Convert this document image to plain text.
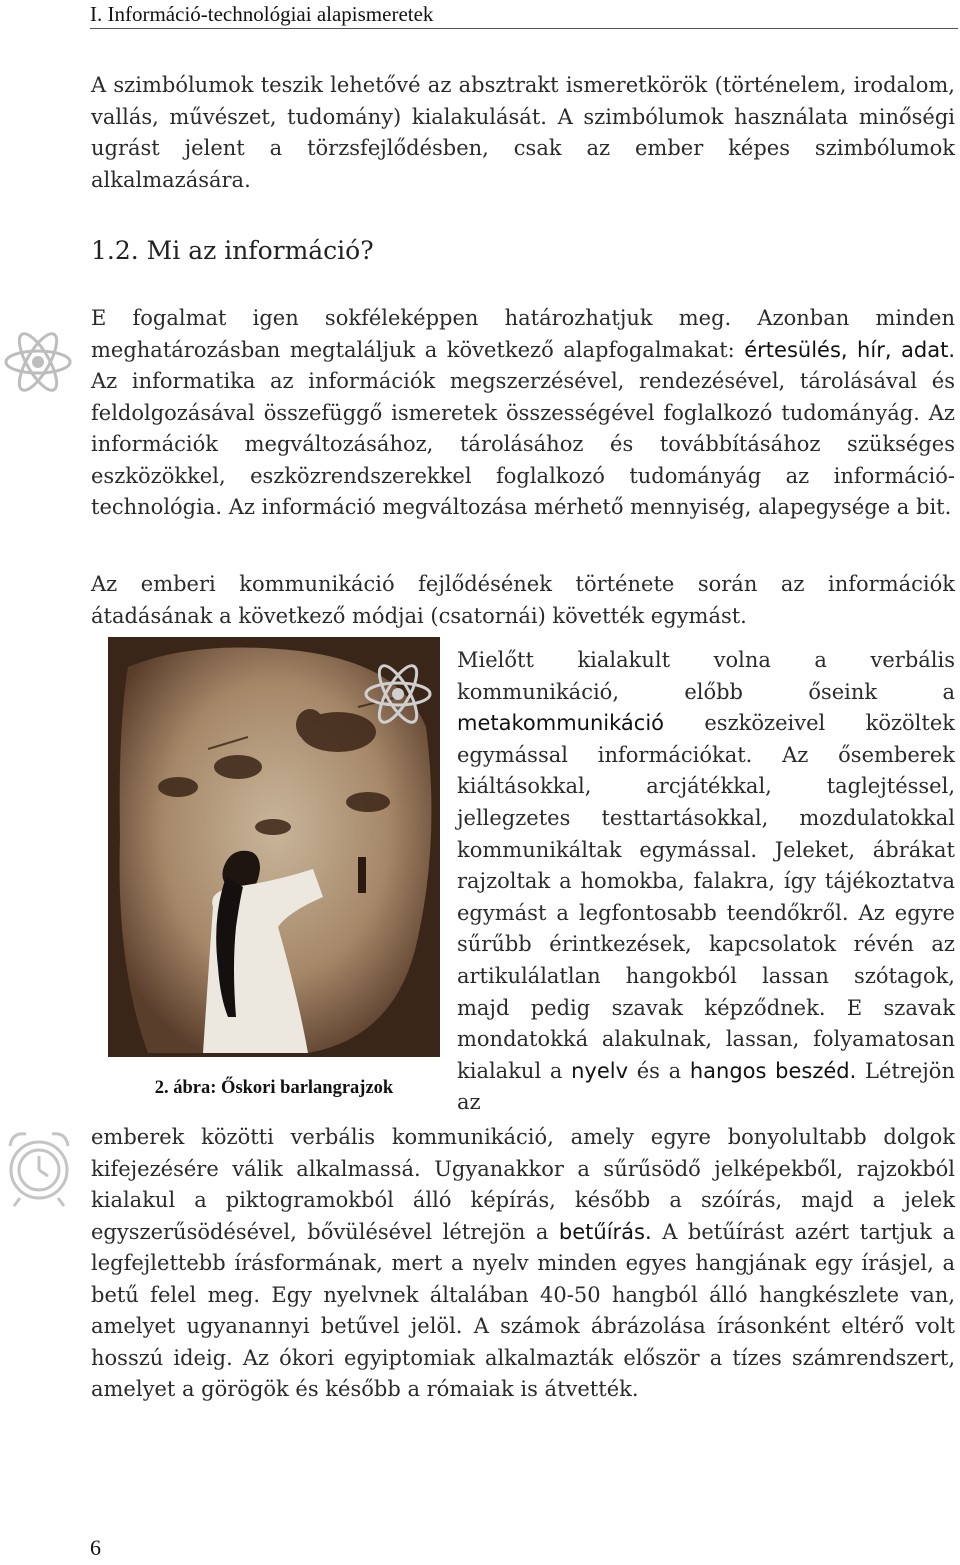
I. Információ-technológiai alapismeretek

A szimbólumok teszik lehetővé az absztrakt ismeretkörök (történelem, irodalom, vallás, művészet, tudomány) kialakulását. A szimbólumok használata minőségi ugrást jelent a törzsfejlődésben, csak az ember képes szimbólumok alkalmazására.

1.2. Mi az információ?

E fogalmat igen sokféleképpen határozhatjuk meg. Azonban minden meghatározásban megtaláljuk a következő alapfogalmakat: értesülés, hír, adat. Az informatika az információk megszerzésével, rendezésével, tárolásával és feldolgozásával összefüggő ismeretek összességével foglalkozó tudományág. Az információk megváltozásához, tárolásához és továbbításához szükséges eszközökkel, eszközrendszerekkel foglalkozó tudományág az információ-technológia. Az információ megváltozása mérhető mennyiség, alapegysége a bit.

Az emberi kommunikáció fejlődésének története során az információk átadásának a következő módjai (csatornái) követték egymást.

2. ábra: Őskori barlangrajzok

Mielőtt kialakult volna a verbális kommunikáció, előbb őseink a metakommunikáció eszközeivel közöltek egymással információkat. Az ősemberek kiáltásokkal, arcjátékkal, taglejtéssel, jellegzetes testtartásokkal, mozdulatokkal kommunikáltak egymással. Jeleket, ábrákat rajzoltak a homokba, falakra, így tájékoztatva egymást a legfontosabb teendőkről. Az egyre sűrűbb érintkezések, kapcsolatok révén az artikulálatlan hangokból lassan szótagok, majd pedig szavak képződnek. E szavak mondatokká alakulnak, lassan, folyamatosan kialakul a nyelv és a hangos beszéd. Létrejön az

emberek közötti verbális kommunikáció, amely egyre bonyolultabb dolgok kifejezésére válik alkalmassá. Ugyanakkor a sűrűsödő jelképekből, rajzokból kialakul a piktogramokból álló képírás, később a szóírás, majd a jelek egyszerűsödésével, bővülésével létrejön a betűírás. A betűírást azért tartjuk a legfejlettebb írásformának, mert a nyelv minden egyes hangjának egy írásjel, a betű felel meg. Egy nyelvnek általában 40-50 hangból álló hangkészlete van, amelyet ugyanannyi betűvel jelöl. A számok ábrázolása írásonként eltérő volt hosszú ideig. Az ókori egyiptomiak alkalmazták először a tízes számrendszert, amelyet a görögök és később a rómaiak is átvették.

6
